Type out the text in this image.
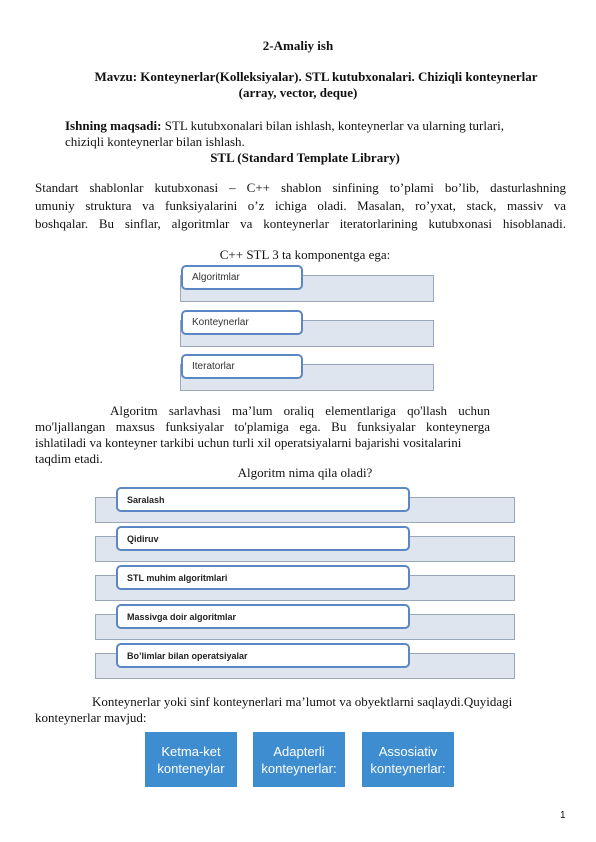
2-Amaliy ish
Mavzu: Konteynerlar(Kolleksiyalar). STL kutubxonalari. Chiziqli konteynerlar
(array, vector, deque)
Ishning maqsadi: STL kutubxonalari bilan ishlash, konteynerlar va ularning turlari,
chiziqli konteynerlar bilan ishlash.
STL (Standard Template Library)
Standart shablonlar kutubxonasi – C++ shablon sinfining to’plami bo’lib, dasturlashning
umuniy struktura va funksiyalarini o’z ichiga oladi. Masalan, ro’yxat, stack, massiv va
boshqalar. Bu sinflar, algoritmlar va konteynerlar iteratorlarining kutubxonasi hisoblanadi.
C++ STL 3 ta komponentga ega:
Algoritmlar
Konteynerlar
Iteratorlar
Algoritm sarlavhasi ma’lum oraliq elementlariga qo'llash uchun
mo'ljallangan maxsus funksiyalar to'plamiga ega. Bu funksiyalar konteynerga
ishlatiladi va konteyner tarkibi uchun turli xil operatsiyalarni bajarishi vositalarini
taqdim etadi.
Algoritm nima qila oladi?
Saralash
Qidiruv
STL muhim algoritmlari
Massivga doir algoritmlar
Bo’limlar bilan operatsiyalar
Konteynerlar yoki sinf konteynerlari ma’lumot va obyektlarni saqlaydi.Quyidagi
konteynerlar mavjud:
Ketma-ket
konteneylar
Adapterli
konteynerlar:
Assosiativ
konteynerlar:
1
